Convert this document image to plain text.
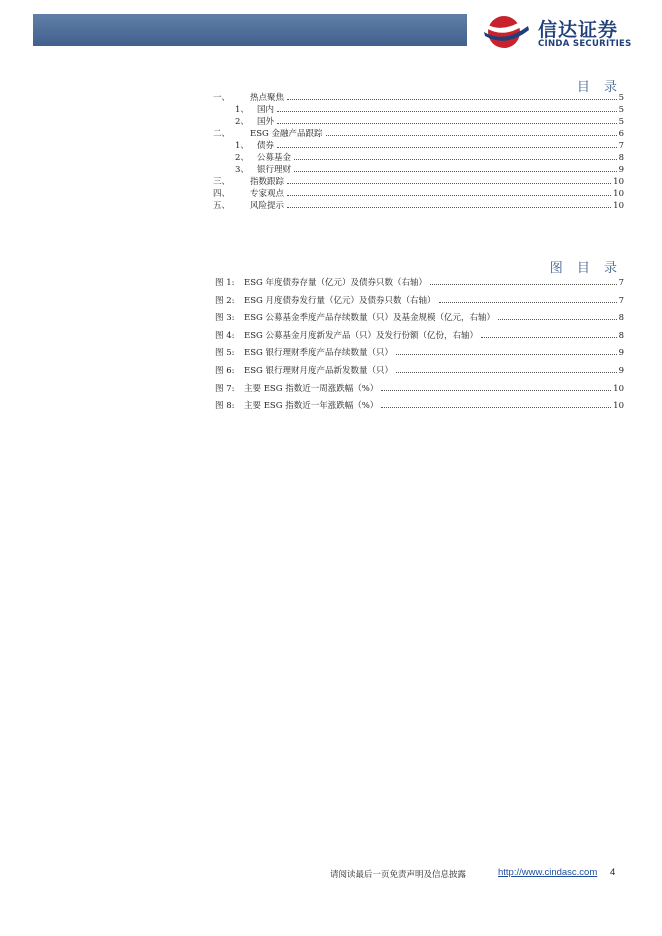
信达证券
CINDA SECURITIES
目 录
一、	热点聚焦	5
1、 国内	5
2、 国外	5
二、	ESG 金融产品跟踪	6
1、 债券	7
2、 公募基金	8
3、 银行理财	9
三、	指数跟踪	10
四、	专家观点	10
五、	风险提示	10
图 目 录
图 1:	ESG 年度债券存量（亿元）及债券只数（右轴）	7
图 2:	ESG 月度债券发行量（亿元）及债券只数（右轴）	7
图 3:	ESG 公募基金季度产品存续数量（只）及基金规模（亿元，右轴）	8
图 4:	ESG 公募基金月度新发产品（只）及发行份额（亿份，右轴）	8
图 5:	ESG 银行理财季度产品存续数量（只）	9
图 6:	ESG 银行理财月度产品新发数量（只）	9
图 7:	主要 ESG 指数近一周涨跌幅（%）	10
图 8:	主要 ESG 指数近一年涨跌幅（%）	10
请阅读最后一页免责声明及信息披露	http://www.cindasc.com 4
